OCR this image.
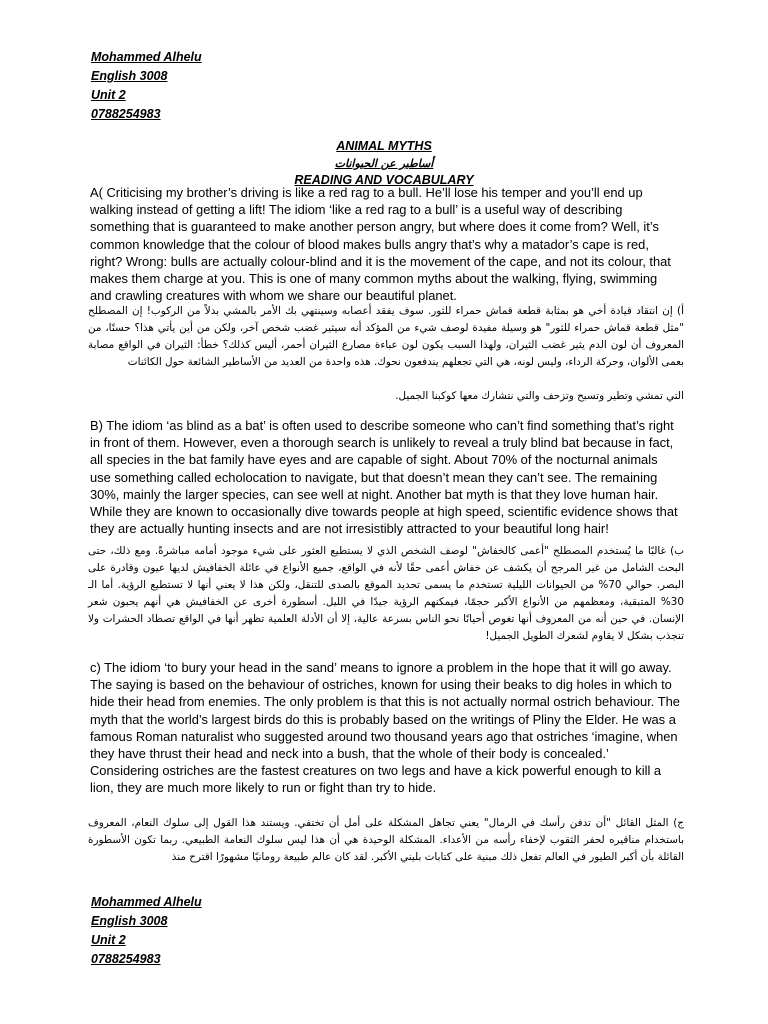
Mohammed Alhelu
English 3008
Unit 2
0788254983
ANIMAL MYTHS
أساطير عن الحيوانات
READING AND VOCABULARY
A( Criticising my brother’s driving is like a red rag to a bull. He’ll lose his temper and you’ll end up walking instead of getting a lift! The idiom ‘like a red rag to a bull’ is a useful way of describing something that is guaranteed to make another person angry, but where does it come from? Well, it’s common knowledge that the colour of blood makes bulls angry that’s why a matador’s cape is red, right? Wrong: bulls are actually colour-blind and it is the movement of the cape, and not its colour, that makes them charge at you. This is one of many common myths about the walking, flying, swimming and crawling creatures with whom we share our beautiful planet.
أ) إن انتقاد قيادة أخي هو بمثابة قطعة قماش حمراء للثور. سوف يفقد أعصابه وسينتهي بك الأمر بالمشي بدلاً من الركوب! إن المصطلح "مثل قطعة قماش حمراء للثور" هو وسيلة مفيدة لوصف شيء من المؤكد أنه سيثير غضب شخص آخر، ولكن من أين يأتي هذا؟ حسنًا، من المعروف أن لون الدم يثير غضب الثيران، ولهذا السبب يكون لون عباءة مصارع الثيران أحمر، أليس كذلك؟ خطأ: الثيران في الواقع مصابة بعمى الألوان، وحركة الرداء، وليس لونه، هي التي تجعلهم يندفعون نحوك. هذه واحدة من العديد من الأساطير الشائعة حول الكائنات
التي تمشي وتطير وتسبح وتزحف والتي نتشارك معها كوكبنا الجميل.
B) The idiom ‘as blind as a bat’ is often used to describe someone who can’t find something that’s right in front of them. However, even a thorough search is unlikely to reveal a truly blind bat because in fact, all species in the bat family have eyes and are capable of sight. About 70% of the nocturnal animals use something called echolocation to navigate, but that doesn’t mean they can’t see. The remaining 30%, mainly the larger species, can see well at night. Another bat myth is that they love human hair. While they are known to occasionally dive towards people at high speed, scientific evidence shows that they are actually hunting insects and are not irresistibly attracted to your beautiful long hair!
ب) غالبًا ما يُستخدم المصطلح "أعمى كالخفاش" لوصف الشخص الذي لا يستطيع العثور على شيء موجود أمامه مباشرةً. ومع ذلك، حتى البحث الشامل من غير المرجح أن يكشف عن خفاش أعمى حقًا لأنه في الواقع، جميع الأنواع في عائلة الخفافيش لديها عيون وقادرة على البصر. حوالي 70% من الحيوانات الليلية تستخدم ما يسمى تحديد الموقع بالصدى للتنقل، ولكن هذا لا يعني أنها لا تستطيع الرؤية. أما الـ 30% المتبقية، ومعظمهم من الأنواع الأكبر حجمًا، فيمكنهم الرؤية جيدًا في الليل. أسطورة أخرى عن الخفافيش هي أنهم يحبون شعر الإنسان. في حين أنه من المعروف أنها تغوص أحيانًا نحو الناس بسرعة عالية، إلا أن الأدلة العلمية تظهر أنها في الواقع تصطاد الحشرات ولا تنجذب بشكل لا يقاوم لشعرك الطويل الجميل!
c) The idiom ‘to bury your head in the sand’ means to ignore a problem in the hope that it will go away. The saying is based on the behaviour of ostriches, known for using their beaks to dig holes in which to hide their head from enemies. The only problem is that this is not actually normal ostrich behaviour. The myth that the world’s largest birds do this is probably based on the writings of Pliny the Elder. He was a famous Roman naturalist who suggested around two thousand years ago that ostriches ‘imagine, when they have thrust their head and neck into a bush, that the whole of their body is concealed.’ Considering ostriches are the fastest creatures on two legs and have a kick powerful enough to kill a lion, they are much more likely to run or fight than try to hide.
ج) المثل القائل "أن تدفن رأسك في الرمال" يعني تجاهل المشكلة على أمل أن تختفي. ويستند هذا القول إلى سلوك النعام، المعروف باستخدام مناقيره لحفر الثقوب لإخفاء رأسه من الأعداء. المشكلة الوحيدة هي أن هذا ليس سلوك النعامة الطبيعي. ربما تكون الأسطورة القائلة بأن أكبر الطيور في العالم تفعل ذلك مبنية على كتابات بليني الأكبر. لقد كان عالم طبيعة رومانيًا مشهورًا اقترح منذ
Mohammed Alhelu
English 3008
Unit 2
0788254983
